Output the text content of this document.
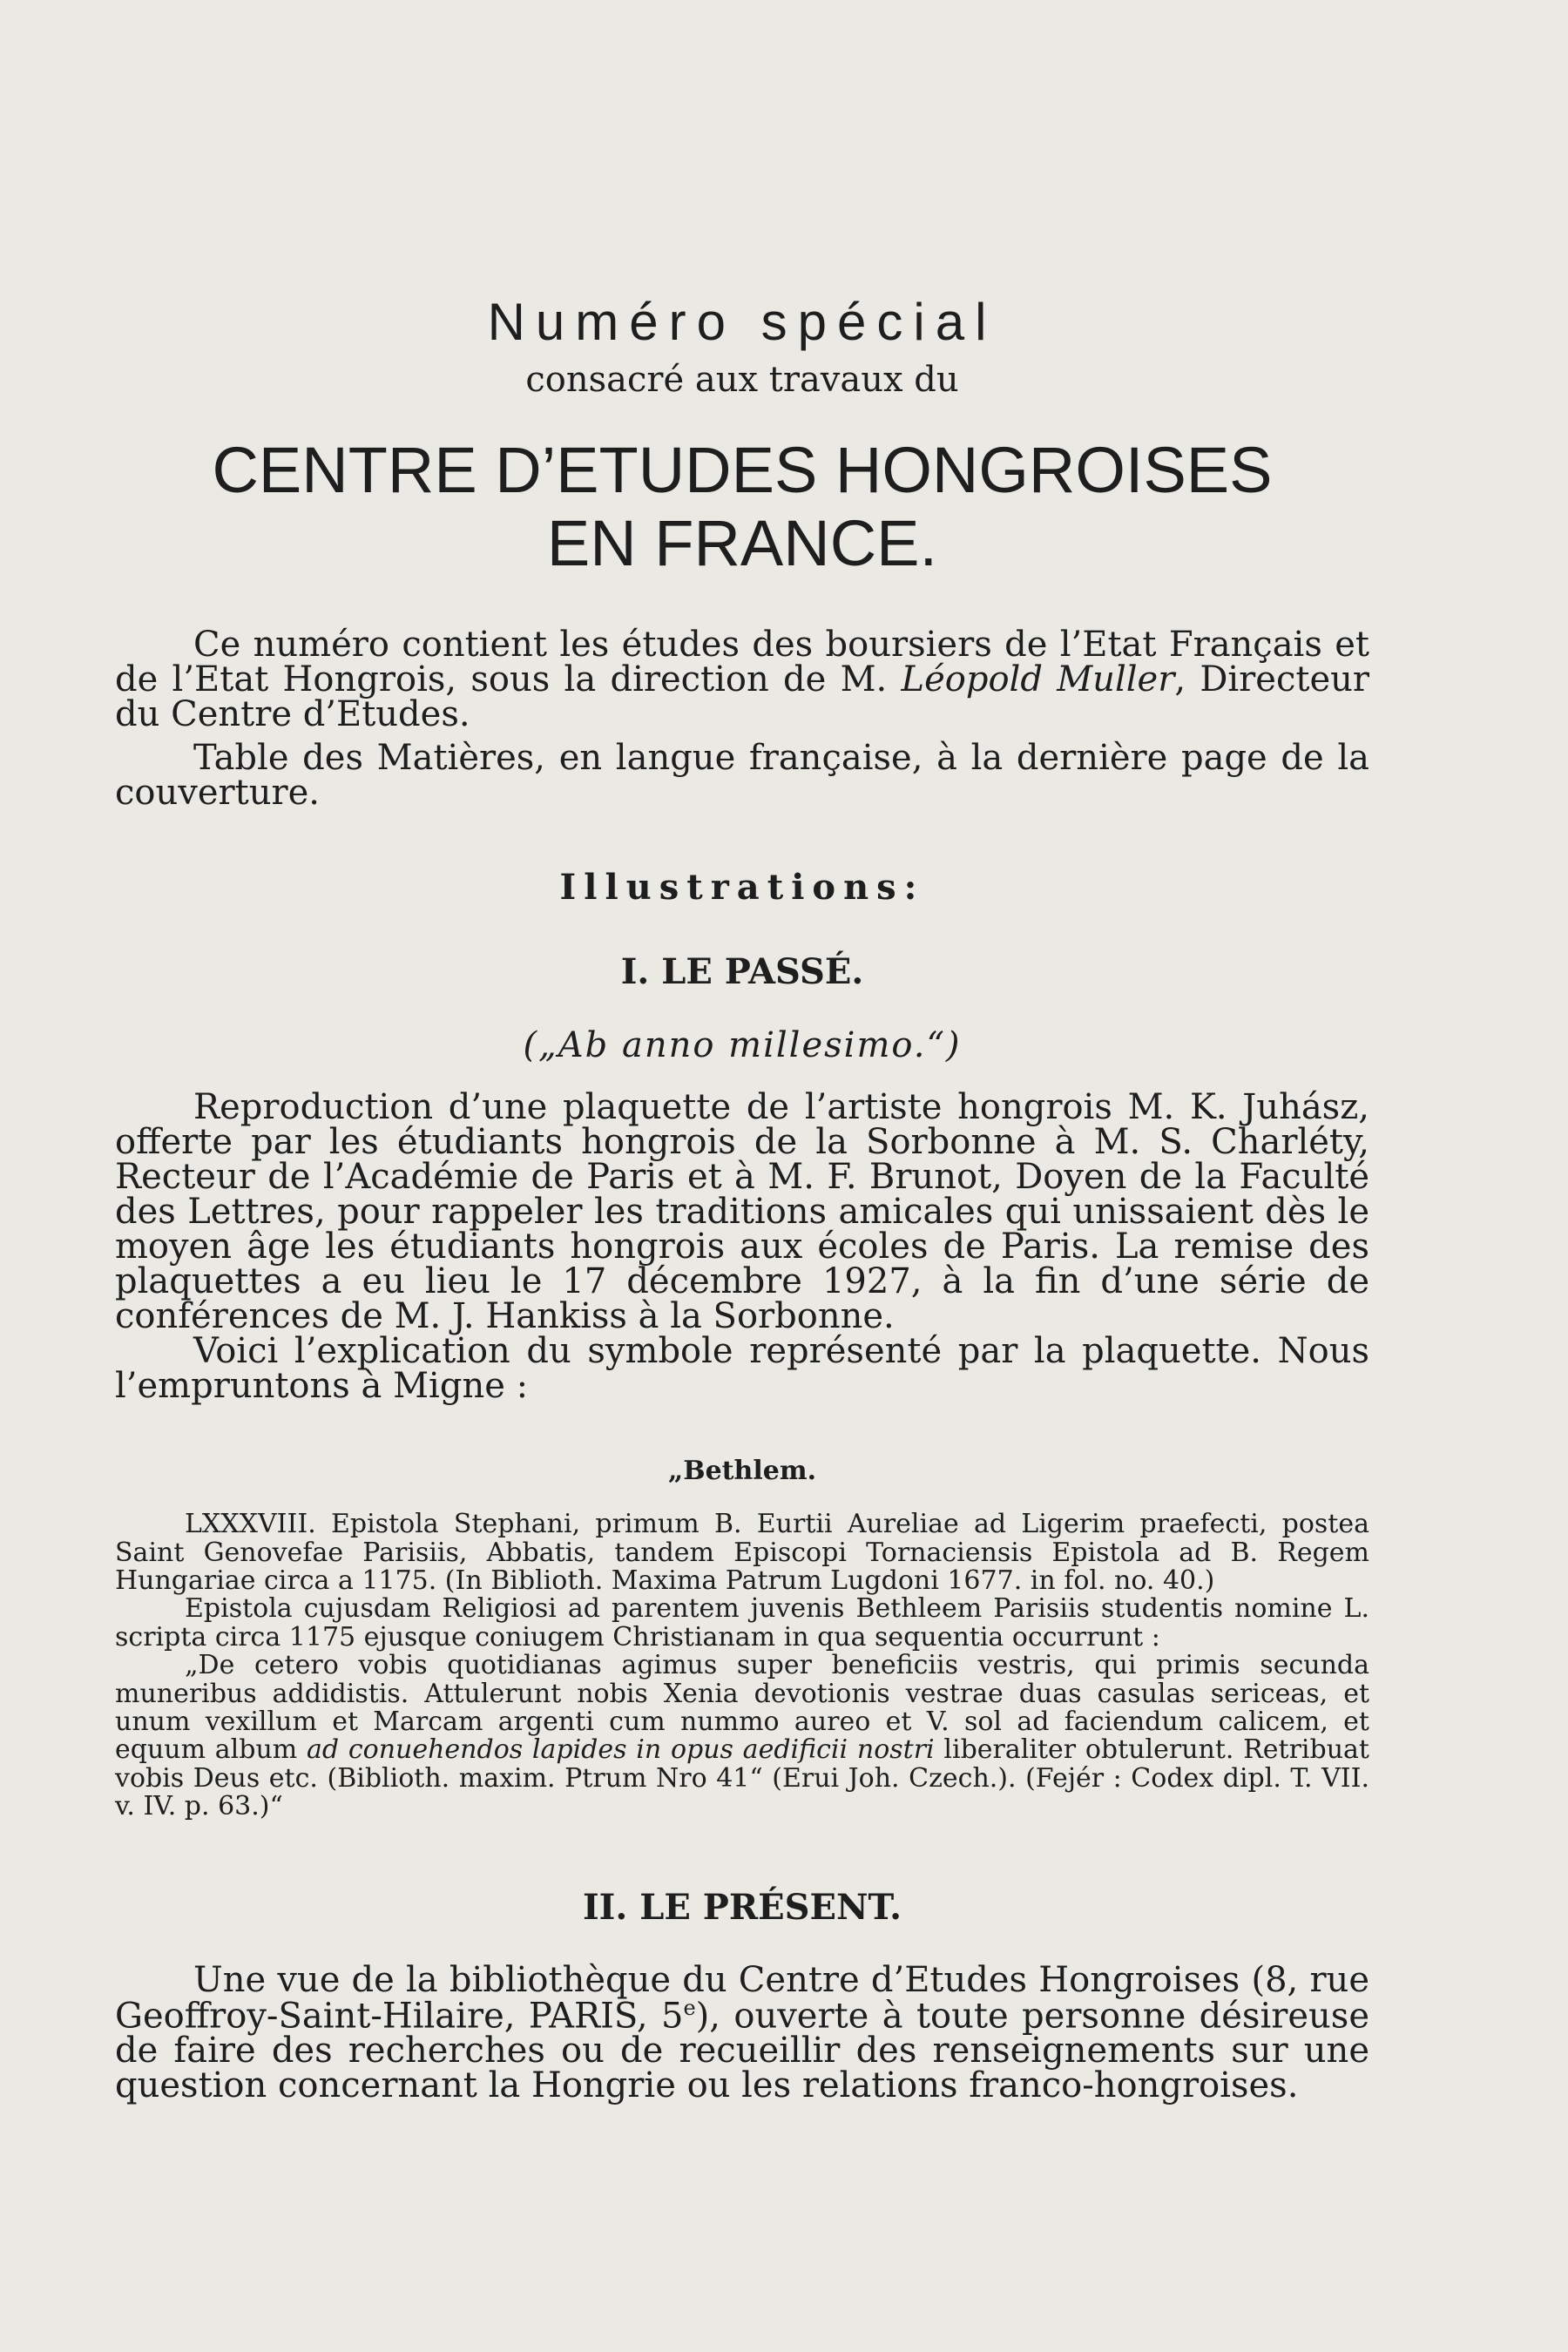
Numéro spécial
consacré aux travaux du
CENTRE D’ETUDES HONGROISES
EN FRANCE.

Ce numéro contient les études des boursiers de l’Etat Français et de l’Etat Hongrois, sous la direction de M. Léopold Muller, Directeur du Centre d’Etudes.

Table des Matières, en langue française, à la dernière page de la couverture.

Illustrations:
I. LE PASSÉ.
(„Ab anno millesimo.“)

Reproduction d’une plaquette de l’artiste hongrois M. K. Juhász, offerte par les étudiants hongrois de la Sorbonne à M. S. Charléty, Recteur de l’Académie de Paris et à M. F. Brunot, Doyen de la Faculté des Lettres, pour rappeler les traditions amicales qui unissaient dès le moyen âge les étudiants hongrois aux écoles de Paris. La remise des plaquettes a eu lieu le 17 décembre 1927, à la fin d’une série de conférences de M. J. Hankiss à la Sorbonne.

Voici l’explication du symbole représenté par la plaquette. Nous l’empruntons à Migne :

„Bethlem.

LXXXVIII. Epistola Stephani, primum B. Eurtii Aureliae ad Ligerim praefecti, postea Saint Genovefae Parisiis, Abbatis, tandem Episcopi Tornaciensis Epistola ad B. Regem Hungariae circa a 1175. (In Biblioth. Maxima Patrum Lugdoni 1677. in fol. no. 40.)

Epistola cujusdam Religiosi ad parentem juvenis Bethleem Parisiis studentis nomine L. scripta circa 1175 ejusque coniugem Christianam in qua sequentia occurrunt :

„De cetero vobis quotidianas agimus super beneficiis vestris, qui primis secunda muneribus addidistis. Attulerunt nobis Xenia devotionis vestrae duas casulas sericeas, et unum vexillum et Marcam argenti cum nummo aureo et V. sol ad faciendum calicem, et equum album ad conuehendos lapides in opus aedificii nostri liberaliter obtulerunt. Retribuat vobis Deus etc. (Biblioth. maxim. Ptrum Nro 41“ (Erui Joh. Czech.). (Fejér : Codex dipl. T. VII. v. IV. p. 63.)“

II. LE PRÉSENT.

Une vue de la bibliothèque du Centre d’Etudes Hongroises (8, rue Geoffroy-Saint-Hilaire, PARIS, 5e), ouverte à toute personne désireuse de faire des recherches ou de recueillir des renseignements sur une question concernant la Hongrie ou les relations franco-hongroises.
